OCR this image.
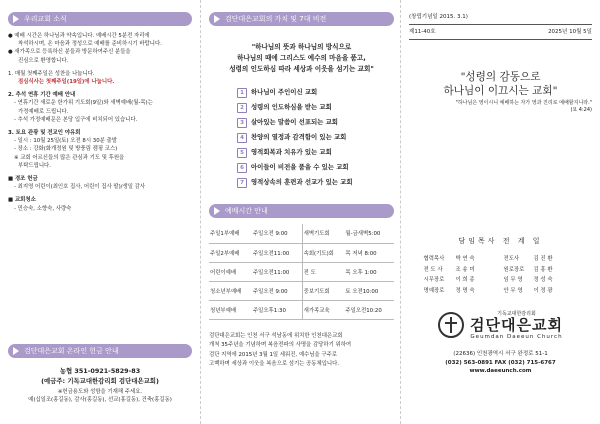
우리교회 소식

● 예배 시간은 하나님과 약속입니다. 예배시간 5분전 자리에

착석하시며, 온 마음과 정성으로 예배를 준비하시기 바랍니다.

● 새가족으로 등록하신 분들과 방문하여주신 분들을

진심으로 환영합니다.

1. 매월 첫째주일은 성찬을 나눕니다.

점심식사는 첫째주일(19일)에 나눕니다.

2. 추석 연휴 기간 예배 안내

- 연휴기간 새로운 한가위 기도회(9일)와 새벽예배(월-목)는

가정예배로 드립니다.

- 추석 가정예배문은 본당 입구에 비치되어 있습니다.

3. 토요 관광 및 전교인 야유회

- 일시 : 10월 25일(토) 오전 8시 30분 출발

- 장소 : 강화(화개정원 및 방풍림 캠핑 코스)

※ 교회 어르신들의 많은 관심과 기도 및 후원을

부탁드립니다.

■ 경조 헌금

- 최지영 어린이(최인호 집사, 어린이 집사 딸)/생일 감사

■ 교회청소

- 민승숙, 소향숙, 사량숙

검단대은교회 온라인 헌금 안내
농협 351-0921-5829-83
(예금주: 기독교대한감리회 검단대은교회)
※헌금용도와 성함을 기재해 주세요.
예)십일조(홍길동), 감사(홍길동), 선교(홍길동), 건축(홍길동)
검단대은교회의 가치 및 7대 비전
"하나님의 뜻과 하나님의 방식으로
하나님의 때에 그리스도 예수의 마음을 품고,
성령의 인도하심 따라 세상과 이웃을 섬기는 교회"
1	하나님이 주인이신 교회
2	성령의 인도하심을 받는 교회
3	살아있는 말씀이 선포되는 교회
4	찬양의 열정과 감격함이 있는 교회
5	영적회복과 치유가 있는 교회
6	아이들이 비전을 품을 수 있는 교회
7	영적상속의 훈련과 선교가 있는 교회
예배시간 안내
주일1부예배	주일오전 9:00	새벽기도회	월-금새벽5:00
주일2부예배	주일오전11:00	속회(기도)회	목 저녁 8:00
어린이예배	주일오전11:00	전 도	목 오후 1:00
청소년부예배	주일오전 9:00	중보기도회	토 오전10:00
청년부예배	주일오후1:30	새가족교육	주일오전10:20
검단대은교회는 인천 서구 석남동에 위치한 인천대은교회
개척 35주년을 기념하며 복음전파의 사명을 감당하기 위하여
검단 지역에 2015년 3월 1일 세워진, 예수님을 구주로
고백하며 세상과 이웃을 복음으로 섬기는 공동체입니다.
(창립기념일 2015. 3.1)
제11-40호	2025년 10월 5일
"성령의 감동으로
하나님이 이끄시는 교회"
"하나님은 영이시니 예배하는 자가 영과 진리로 예배할지니라."
(요 4:24)
담임목사 전 계 일
협력목사	박 연 숙	전도사	김 진 환
전 도 사	조 송 미	원로장로	김 흥 환
시무장로	이 희 종	임 무 영	정 성 숙
명예장로	정 명 숙	안 무 영	이 정 광
기독교대한감리회
검단대은교회
Geumdan Daeeun Church
(22636) 인천광역시 서구 완정로 51-1
(032) 563-0891 FAX (032) 715-6767
www.daeeunch.com
